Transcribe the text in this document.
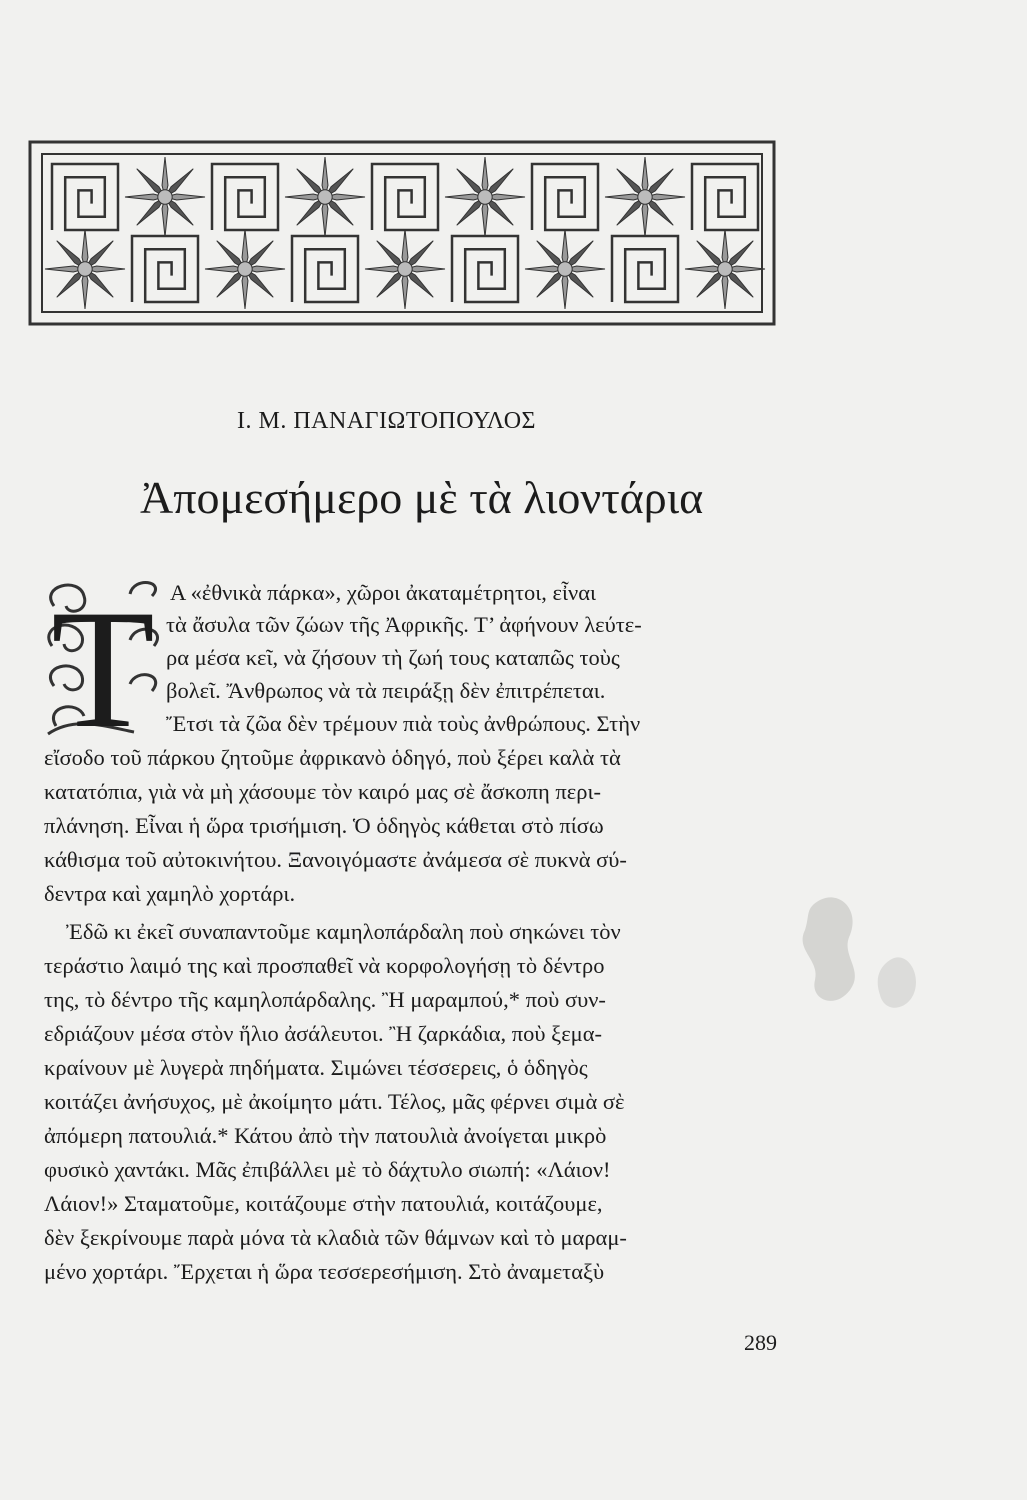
Ι. Μ. ΠΑΝΑΓΙΩΤΟΠΟΥΛΟΣ
Ἀπομεσήμερο μὲ τὰ λιοντάρια
T Α «ἐθνικὰ πάρκα», χῶροι ἀκαταμέτρητοι, εἶναι
τὰ ἄσυλα τῶν ζώων τῆς Ἀφρικῆς. Τ’ ἀφήνουν λεύτε-
ρα μέσα κεῖ, νὰ ζήσουν τὴ ζωή τους καταπῶς τοὺς
βολεῖ. Ἄνθρωπος νὰ τὰ πειράξῃ δὲν ἐπιτρέπεται.
Ἔτσι τὰ ζῶα δὲν τρέμουν πιὰ τοὺς ἀνθρώπους. Στὴν
εἴσοδο τοῦ πάρκου ζητοῦμε ἀφρικανὸ ὁδηγό, ποὺ ξέρει καλὰ τὰ
κατατόπια, γιὰ νὰ μὴ χάσουμε τὸν καιρό μας σὲ ἄσκοπη περι-
πλάνηση. Εἶναι ἡ ὥρα τρισήμιση. Ὁ ὁδηγὸς κάθεται στὸ πίσω
κάθισμα τοῦ αὐτοκινήτου. Ξανοιγόμαστε ἀνάμεσα σὲ πυκνὰ σύ-
δεντρα καὶ χαμηλὸ χορτάρι.
Ἐδῶ κι ἐκεῖ συναπαντοῦμε καμηλοπάρδαλη ποὺ σηκώνει τὸν
τεράστιο λαιμό της καὶ προσπαθεῖ νὰ κορφολογήσῃ τὸ δέντρο
της, τὸ δέντρο τῆς καμηλοπάρδαλης. Ἢ μαραμπού,* ποὺ συν-
εδριάζουν μέσα στὸν ἥλιο ἀσάλευτοι. Ἢ ζαρκάδια, ποὺ ξεμα-
κραίνουν μὲ λυγερὰ πηδήματα. Σιμώνει τέσσερεις, ὁ ὁδηγὸς
κοιτάζει ἀνήσυχος, μὲ ἀκοίμητο μάτι. Τέλος, μᾶς φέρνει σιμὰ σὲ
ἀπόμερη πατουλιά.* Κάτου ἀπὸ τὴν πατουλιὰ ἀνοίγεται μικρὸ
φυσικὸ χαντάκι. Μᾶς ἐπιβάλλει μὲ τὸ δάχτυλο σιωπή: «Λάιον!
Λάιον!» Σταματοῦμε, κοιτάζουμε στὴν πατουλιά, κοιτάζουμε,
δὲν ξεκρίνουμε παρὰ μόνα τὰ κλαδιὰ τῶν θάμνων καὶ τὸ μαραμ-
μένο χορτάρι. Ἔρχεται ἡ ὥρα τεσσερεσήμιση. Στὸ ἀναμεταξὺ
289
